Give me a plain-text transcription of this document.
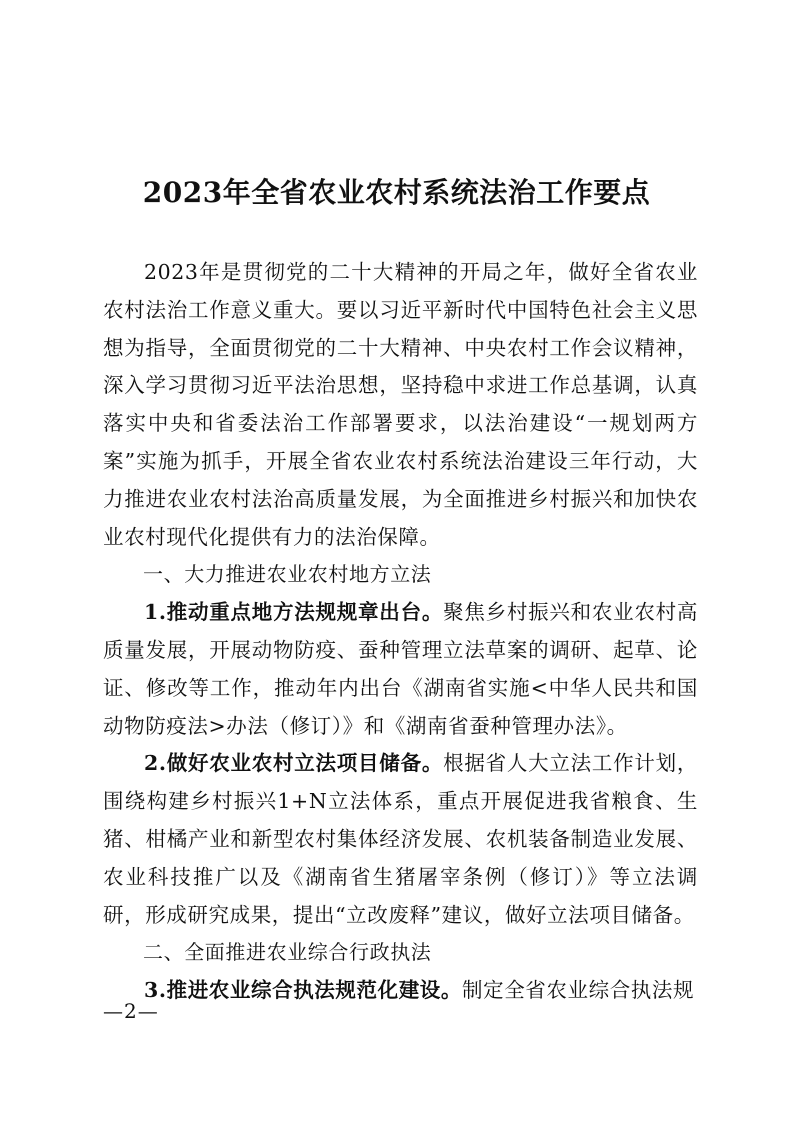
2023年全省农业农村系统法治工作要点

2023年是贯彻党的二十大精神的开局之年，做好全省农业农村法治工作意义重大。要以习近平新时代中国特色社会主义思想为指导，全面贯彻党的二十大精神、中央农村工作会议精神，深入学习贯彻习近平法治思想，坚持稳中求进工作总基调，认真落实中央和省委法治工作部署要求，以法治建设“一规划两方案”实施为抓手，开展全省农业农村系统法治建设三年行动，大力推进农业农村法治高质量发展，为全面推进乡村振兴和加快农业农村现代化提供有力的法治保障。

一、大力推进农业农村地方立法

1.推动重点地方法规规章出台。聚焦乡村振兴和农业农村高质量发展，开展动物防疫、蚕种管理立法草案的调研、起草、论证、修改等工作，推动年内出台《湖南省实施<中华人民共和国动物防疫法>办法（修订）》和《湖南省蚕种管理办法》。

2.做好农业农村立法项目储备。根据省人大立法工作计划，围绕构建乡村振兴1+N立法体系，重点开展促进我省粮食、生猪、柑橘产业和新型农村集体经济发展、农机装备制造业发展、农业科技推广以及《湖南省生猪屠宰条例（修订）》等立法调研，形成研究成果，提出“立改废释”建议，做好立法项目储备。

二、全面推进农业综合行政执法

3.推进农业综合执法规范化建设。制定全省农业综合执法规

—2—
